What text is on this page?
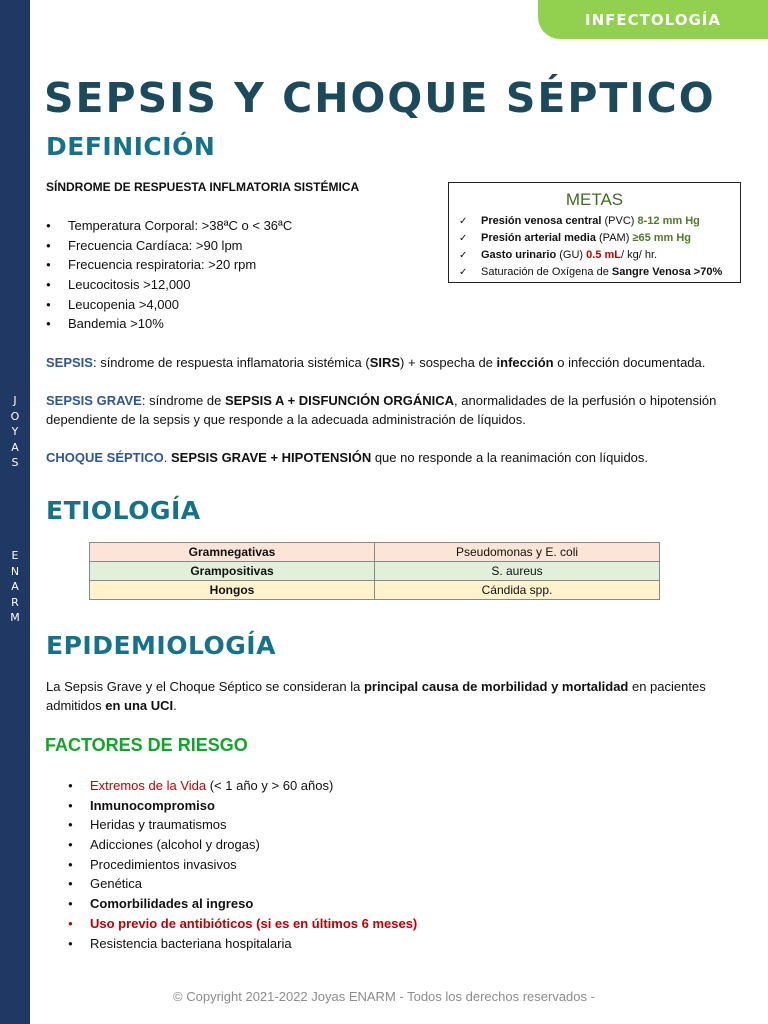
J
O
Y
A
S
E
N
A
R
M
INFECTOLOGÍA
SEPSIS Y CHOQUE SÉPTICO
DEFINICIÓN
SÍNDROME DE RESPUESTA INFLMATORIA SISTÉMICA
● Temperatura Corporal: >38ªC o < 36ªC
● Frecuencia Cardíaca: >90 lpm
● Frecuencia respiratoria: >20 rpm
● Leucocitosis >12,000
● Leucopenia >4,000
● Bandemia >10%
METAS
✓ Presión venosa central (PVC) 8-12 mm Hg
✓ Presión arterial media (PAM) ≥65 mm Hg
✓ Gasto urinario (GU) 0.5 mL/ kg/ hr.
✓ Saturación de Oxígena de Sangre Venosa >70%
SEPSIS: síndrome de respuesta inflamatoria sistémica (SIRS) + sospecha de infección o infección documentada.
SEPSIS GRAVE: síndrome de SEPSIS A + DISFUNCIÓN ORGÁNICA, anormalidades de la perfusión o hipotensión dependiente de la sepsis y que responde a la adecuada administración de líquidos.
CHOQUE SÉPTICO. SEPSIS GRAVE + HIPOTENSIÓN que no responde a la reanimación con líquidos.
ETIOLOGÍA
Gramnegativas	Pseudomonas y E. coli
Grampositivas	S. aureus
Hongos	Cándida spp.
EPIDEMIOLOGÍA
La Sepsis Grave y el Choque Séptico se consideran la principal causa de morbilidad y mortalidad en pacientes admitidos en una UCI.
FACTORES DE RIESGO
● Extremos de la Vida (< 1 año y > 60 años)
● Inmunocompromiso
● Heridas y traumatismos
● Adicciones (alcohol y drogas)
● Procedimientos invasivos
● Genética
● Comorbilidades al ingreso
● Uso previo de antibióticos (si es en últimos 6 meses)
● Resistencia bacteriana hospitalaria
© Copyright 2021-2022 Joyas ENARM - Todos los derechos reservados -
